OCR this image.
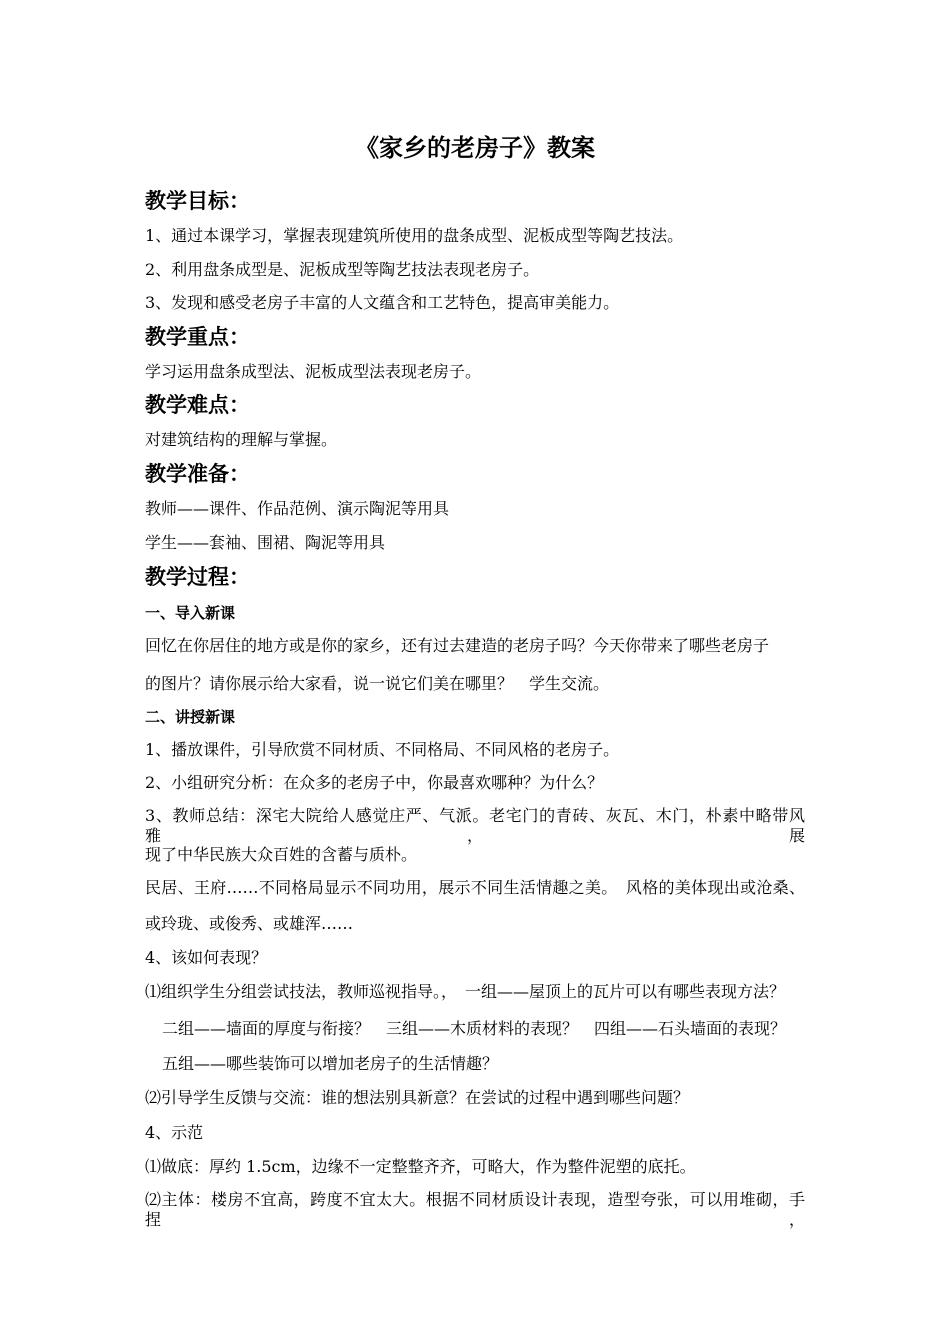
《家乡的老房子》教案
教学目标：
1、通过本课学习，掌握表现建筑所使用的盘条成型、泥板成型等陶艺技法。
2、利用盘条成型是、泥板成型等陶艺技法表现老房子。
3、发现和感受老房子丰富的人文蕴含和工艺特色，提高审美能力。
教学重点：
学习运用盘条成型法、泥板成型法表现老房子。
教学难点：
对建筑结构的理解与掌握。
教学准备：
教师——课件、作品范例、演示陶泥等用具
学生——套袖、围裙、陶泥等用具
教学过程：
一、导入新课
回忆在你居住的地方或是你的家乡，还有过去建造的老房子吗？今天你带来了哪些老房子
的图片？请你展示给大家看，说一说它们美在哪里？　学生交流。
二、讲授新课
1、播放课件，引导欣赏不同材质、不同格局、不同风格的老房子。
2、小组研究分析：在众多的老房子中，你最喜欢哪种？为什么？
3、教师总结：深宅大院给人感觉庄严、气派。老宅门的青砖、灰瓦、木门，朴素中略带风雅，展
现了中华民族大众百姓的含蓄与质朴。
民居、王府……不同格局显示不同功用，展示不同生活情趣之美。　风格的美体现出或沧桑、
或玲珑、或俊秀、或雄浑……
4、该如何表现？
⑴组织学生分组尝试技法，教师巡视指导。，　一组——屋顶上的瓦片可以有哪些表现方法？
二组——墙面的厚度与衔接？　三组——木质材料的表现？　四组——石头墙面的表现？
五组——哪些装饰可以增加老房子的生活情趣？
⑵引导学生反馈与交流：谁的想法别具新意？在尝试的过程中遇到哪些问题？
4、示范
⑴做底：厚约 1.5cm，边缘不一定整整齐齐，可略大，作为整件泥塑的底托。
⑵主体：楼房不宜高，跨度不宜太大。根据不同材质设计表现，造型夸张，可以用堆砌，手捏，
